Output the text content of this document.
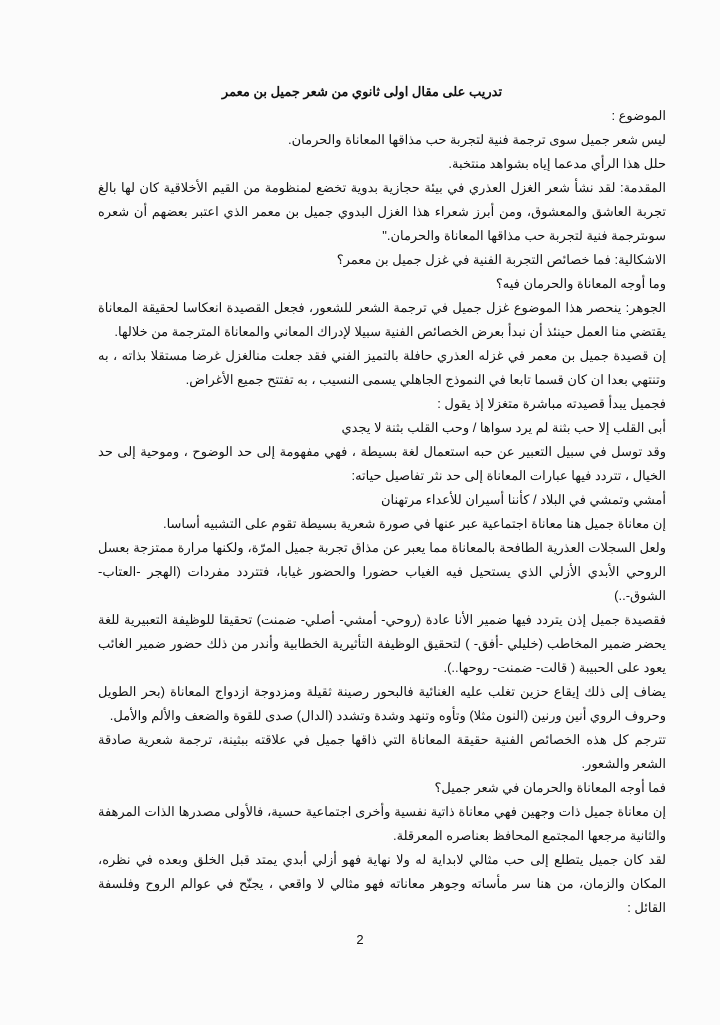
تدريب على مقال اولى ثانوي من شعر جميل بن معمر
الموضوع :
ليس شعر جميل سوى ترجمة فنية لتجربة حب مذاقها المعاناة والحرمان.
حلل هذا الرأي مدعما إياه بشواهد منتخبة.
المقدمة: لقد نشأ شعر الغزل العذري في بيئة حجازية بدوية تخضع لمنظومة من القيم الأخلاقية كان لها بالغ
تجربة العاشق والمعشوق، ومن أبرز شعراء هذا الغزل البدوي جميل بن معمر الذي اعتبر بعضهم أن شعره
سوىترجمة فنية لتجربة حب مذاقها المعاناة والحرمان."
الاشكالية: فما خصائص التجربة الفنية في غزل جميل بن معمر؟
وما أوجه المعاناة والحرمان فيه؟
الجوهر: ينحصر هذا الموضوع غزل جميل في ترجمة الشعر للشعور، فجعل القصيدة انعكاسا لحقيقة المعاناة
يقتضي منا العمل حينئذ أن نبدأ بعرض الخصائص الفنية سبيلا لإدراك المعاني والمعاناة المترجمة من خلالها.
إن قصيدة جميل بن معمر في غزله العذري حافلة بالتميز الفني فقد جعلت منالغزل غرضا مستقلا بذاته ، به
وتنتهي بعدا ان كان قسما تابعا في النموذج الجاهلي يسمى النسيب ، به تفتتح جميع الأغراض.
فجميل يبدأ قصيدته مباشرة متغزلا إذ يقول :
أبى القلب إلا حب بثنة لم يرد سواها / وحب القلب بثنة لا يجدي
وقد توسل في سبيل التعبير عن حبه استعمال لغة بسيطة ، فهي مفهومة إلى حد الوضوح ، وموحية إلى حد
الخيال ، تتردد فيها عبارات المعاناة إلى حد نثر تفاصيل حياته:
أمشي وتمشي في البلاد / كأننا أسيران للأعداء مرتهنان
إن معاناة جميل هنا معاناة اجتماعية عبر عنها في صورة شعرية بسيطة تقوم على التشبيه أساسا.
ولعل السجلات العذرية الطافحة بالمعاناة مما يعبر عن مذاق تجربة جميل المرّة، ولكنها مرارة ممتزجة بعسل
الروحي الأبدي الأزلي الذي يستحيل فيه الغياب حضورا والحضور غيابا، فتتردد مفردات (الهجر -العتاب-
الشوق-..)
فقصيدة جميل إذن يتردد فيها ضمير الأنا عادة (روحي- أمشي- أصلي- ضمنت) تحقيقا للوظيفة التعبيرية للغة
يحضر ضمير المخاطب (خليلي -أفق- ) لتحقيق الوظيفة التأثيرية الخطابية وأندر من ذلك حضور ضمير الغائب
يعود على الحبيبة ( قالت- ضمنت- روحها..).
يضاف إلى ذلك إيقاع حزين تغلب عليه الغنائية فالبحور رصينة ثقيلة ومزدوجة ازدواج المعاناة (بحر الطويل
وحروف الروي أنين ورنين (النون مثلا) وتأوه وتنهد وشدة وتشدد (الدال) صدى للقوة والضعف والألم والأمل.
تترجم كل هذه الخصائص الفنية حقيقة المعاناة التي ذاقها جميل في علاقته ببثينة، ترجمة شعرية صادقة
الشعر والشعور.
فما أوجه المعاناة والحرمان في شعر جميل؟
إن معاناة جميل ذات وجهين فهي معاناة ذاتية نفسية وأخرى اجتماعية حسية، فالأولى مصدرها الذات المرهفة
والثانية مرجعها المجتمع المحافظ بعناصره المعرقلة.
لقد كان جميل يتطلع إلى حب مثالي لابداية له ولا نهاية فهو أزلي أبدي يمتد قبل الخلق وبعده في نظره،
المكان والزمان، من هنا سر مأساته وجوهر معاناته فهو مثالي لا واقعي ، يجنّح في عوالم الروح وفلسفة
القائل :
2
